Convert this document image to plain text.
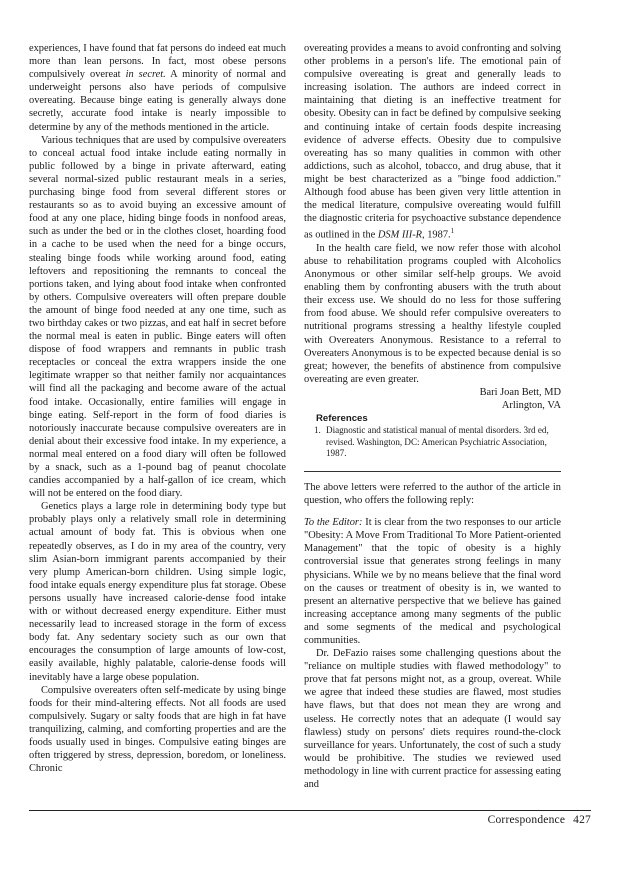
experiences, I have found that fat persons do indeed eat much more than lean persons. In fact, most obese persons compulsively overeat in secret. A minority of normal and underweight persons also have periods of compulsive overeating. Because binge eating is generally always done secretly, accurate food intake is nearly impossible to determine by any of the methods mentioned in the article.

Various techniques that are used by compulsive overeaters to conceal actual food intake include eating normally in public followed by a binge in private afterward, eating several normal-sized public restaurant meals in a series, purchasing binge food from several different stores or restaurants so as to avoid buying an excessive amount of food at any one place, hiding binge foods in nonfood areas, such as under the bed or in the clothes closet, hoarding food in a cache to be used when the need for a binge occurs, stealing binge foods while working around food, eating leftovers and repositioning the remnants to conceal the portions taken, and lying about food intake when confronted by others. Compulsive overeaters will often prepare double the amount of binge food needed at any one time, such as two birthday cakes or two pizzas, and eat half in secret before the normal meal is eaten in public. Binge eaters will often dispose of food wrappers and remnants in public trash receptacles or conceal the extra wrappers inside the one legitimate wrapper so that neither family nor acquaintances will find all the packaging and become aware of the actual food intake. Occasionally, entire families will engage in binge eating. Self-report in the form of food diaries is notoriously inaccurate because compulsive overeaters are in denial about their excessive food intake. In my experience, a normal meal entered on a food diary will often be followed by a snack, such as a 1-pound bag of peanut chocolate candies accompanied by a half-gallon of ice cream, which will not be entered on the food diary.

Genetics plays a large role in determining body type but probably plays only a relatively small role in determining actual amount of body fat. This is obvious when one repeatedly observes, as I do in my area of the country, very slim Asian-born immigrant parents accompanied by their very plump American-born children. Using simple logic, food intake equals energy expenditure plus fat storage. Obese persons usually have increased calorie-dense food intake with or without decreased energy expenditure. Either must necessarily lead to increased storage in the form of excess body fat. Any sedentary society such as our own that encourages the consumption of large amounts of low-cost, easily available, highly palatable, calorie-dense foods will inevitably have a large obese population.

Compulsive overeaters often self-medicate by using binge foods for their mind-altering effects. Not all foods are used compulsively. Sugary or salty foods that are high in fat have tranquilizing, calming, and comforting properties and are the foods usually used in binges. Compulsive eating binges are often triggered by stress, depression, boredom, or loneliness. Chronic

overeating provides a means to avoid confronting and solving other problems in a person's life. The emotional pain of compulsive overeating is great and generally leads to increasing isolation. The authors are indeed correct in maintaining that dieting is an ineffective treatment for obesity. Obesity can in fact be defined by compulsive seeking and continuing intake of certain foods despite increasing evidence of adverse effects. Obesity due to compulsive overeating has so many qualities in common with other addictions, such as alcohol, tobacco, and drug abuse, that it might be best characterized as a "binge food addiction." Although food abuse has been given very little attention in the medical literature, compulsive overeating would fulfill the diagnostic criteria for psychoactive substance dependence as outlined in the DSM III-R, 1987.$^1$

In the health care field, we now refer those with alcohol abuse to rehabilitation programs coupled with Alcoholics Anonymous or other similar self-help groups. We avoid enabling them by confronting abusers with the truth about their excess use. We should do no less for those suffering from food abuse. We should refer compulsive overeaters to nutritional programs stressing a healthy lifestyle coupled with Overeaters Anonymous. Resistance to a referral to Overeaters Anonymous is to be expected because denial is so great; however, the benefits of abstinence from compulsive overeating are even greater.

Bari Joan Bett, MD

Arlington, VA

References

1. Diagnostic and statistical manual of mental disorders. 3rd ed, revised. Washington, DC: American Psychiatric Association, 1987.

The above letters were referred to the author of the article in question, who offers the following reply:

To the Editor: It is clear from the two responses to our article "Obesity: A Move From Traditional To More Patient-oriented Management" that the topic of obesity is a highly controversial issue that generates strong feelings in many physicians. While we by no means believe that the final word on the causes or treatment of obesity is in, we wanted to present an alternative perspective that we believe has gained increasing acceptance among many segments of the public and some segments of the medical and psychological communities.

Dr. DeFazio raises some challenging questions about the "reliance on multiple studies with flawed methodology" to prove that fat persons might not, as a group, overeat. While we agree that indeed these studies are flawed, most studies have flaws, but that does not mean they are wrong and useless. He correctly notes that an adequate (I would say flawless) study on persons' diets requires round-the-clock surveillance for years. Unfortunately, the cost of such a study would be prohibitive. The studies we reviewed used methodology in line with current practice for assessing eating and

Correspondence 427
